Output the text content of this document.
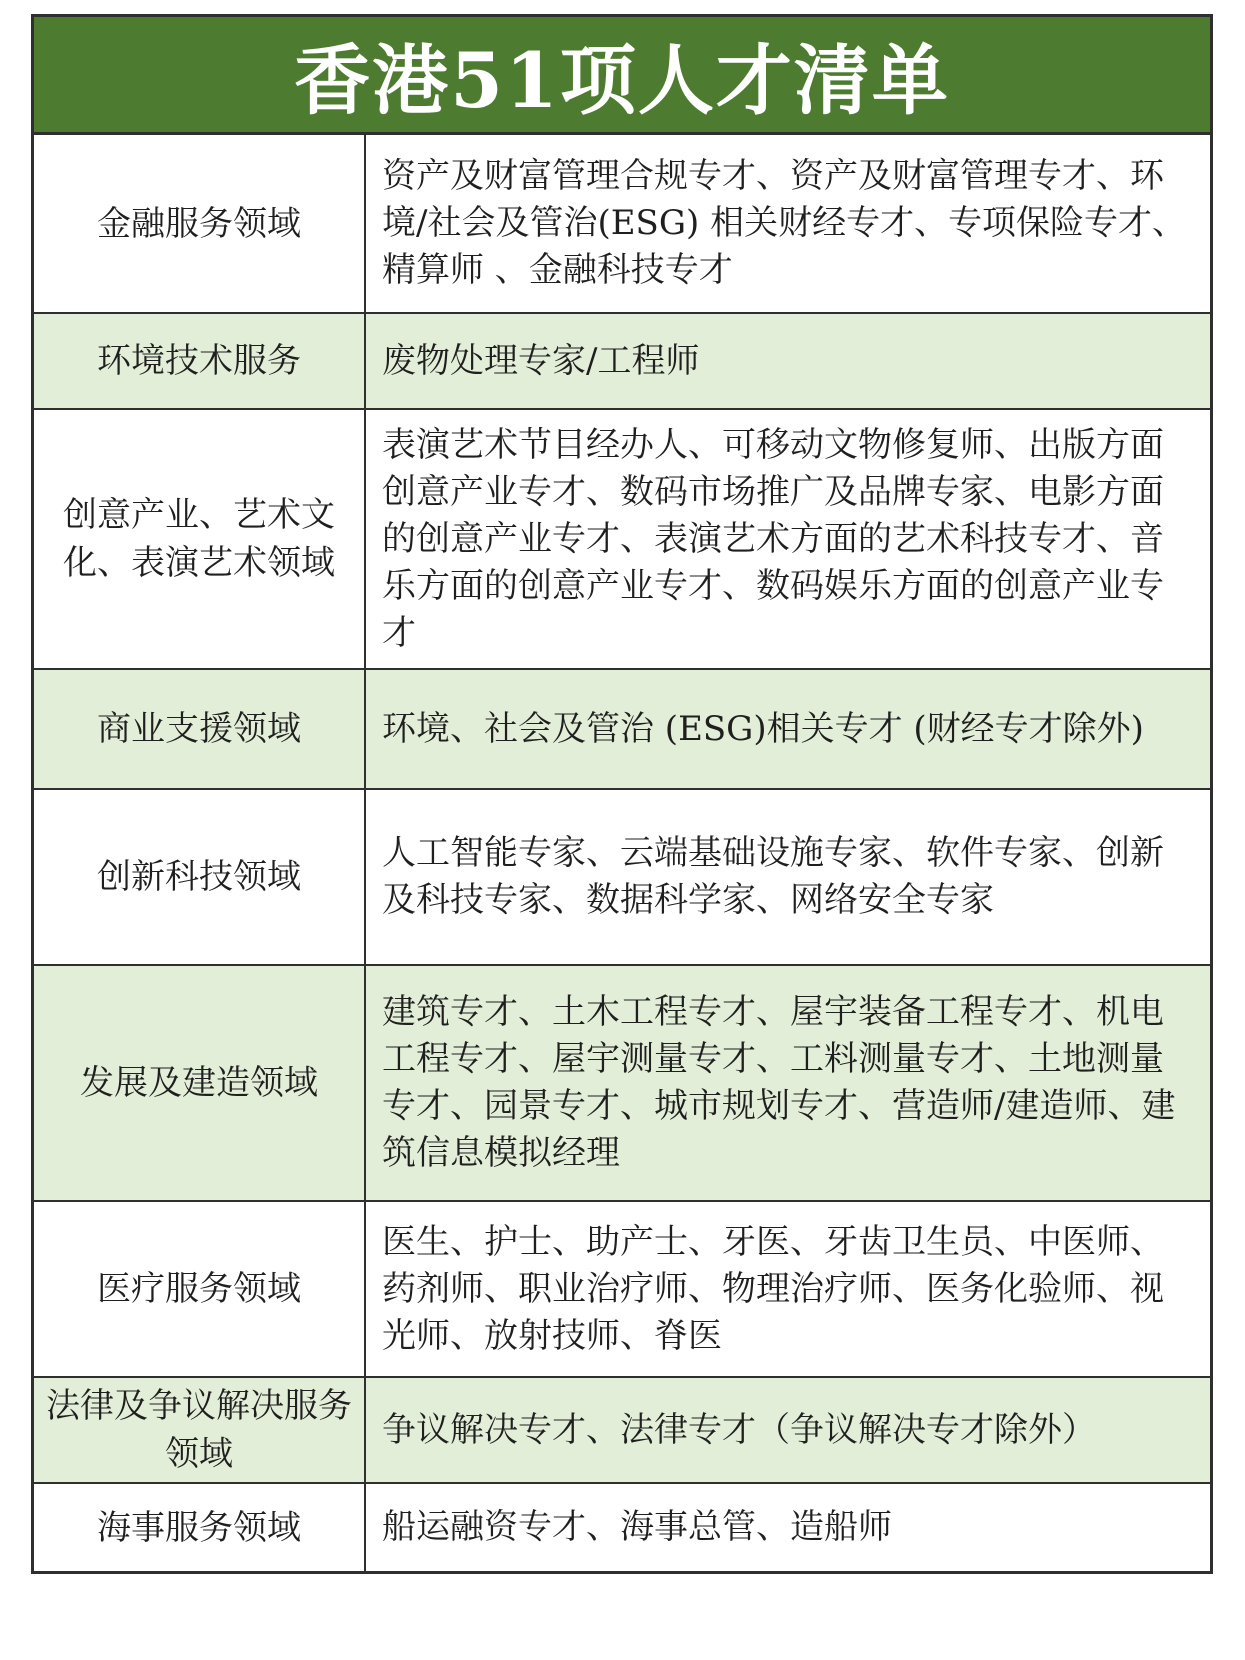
香港51项人才清单
金融服务领域	资产及财富管理合规专才、资产及财富管理专才、环境/社会及管治(ESG) 相关财经专才、专项保险专才、精算师 、金融科技专才
环境技术服务	废物处理专家/工程师
创意产业、艺术文化、表演艺术领域	表演艺术节目经办人、可移动文物修复师、出版方面创意产业专才、数码市场推广及品牌专家、电影方面的创意产业专才、表演艺术方面的艺术科技专才、音乐方面的创意产业专才、数码娱乐方面的创意产业专才
商业支援领域	环境、社会及管治 (ESG)相关专才 (财经专才除外)
创新科技领域	人工智能专家、云端基础设施专家、软件专家、创新及科技专家、数据科学家、网络安全专家
发展及建造领域	建筑专才、土木工程专才、屋宇装备工程专才、机电工程专才、屋宇测量专才、工料测量专才、土地测量专才、园景专才、城市规划专才、营造师/建造师、建筑信息模拟经理
医疗服务领域	医生、护士、助产士、牙医、牙齿卫生员、中医师、药剂师、职业治疗师、物理治疗师、医务化验师、视光师、放射技师、脊医
法律及争议解决服务领域	争议解决专才、法律专才（争议解决专才除外）
海事服务领域	船运融资专才、海事总管、造船师
